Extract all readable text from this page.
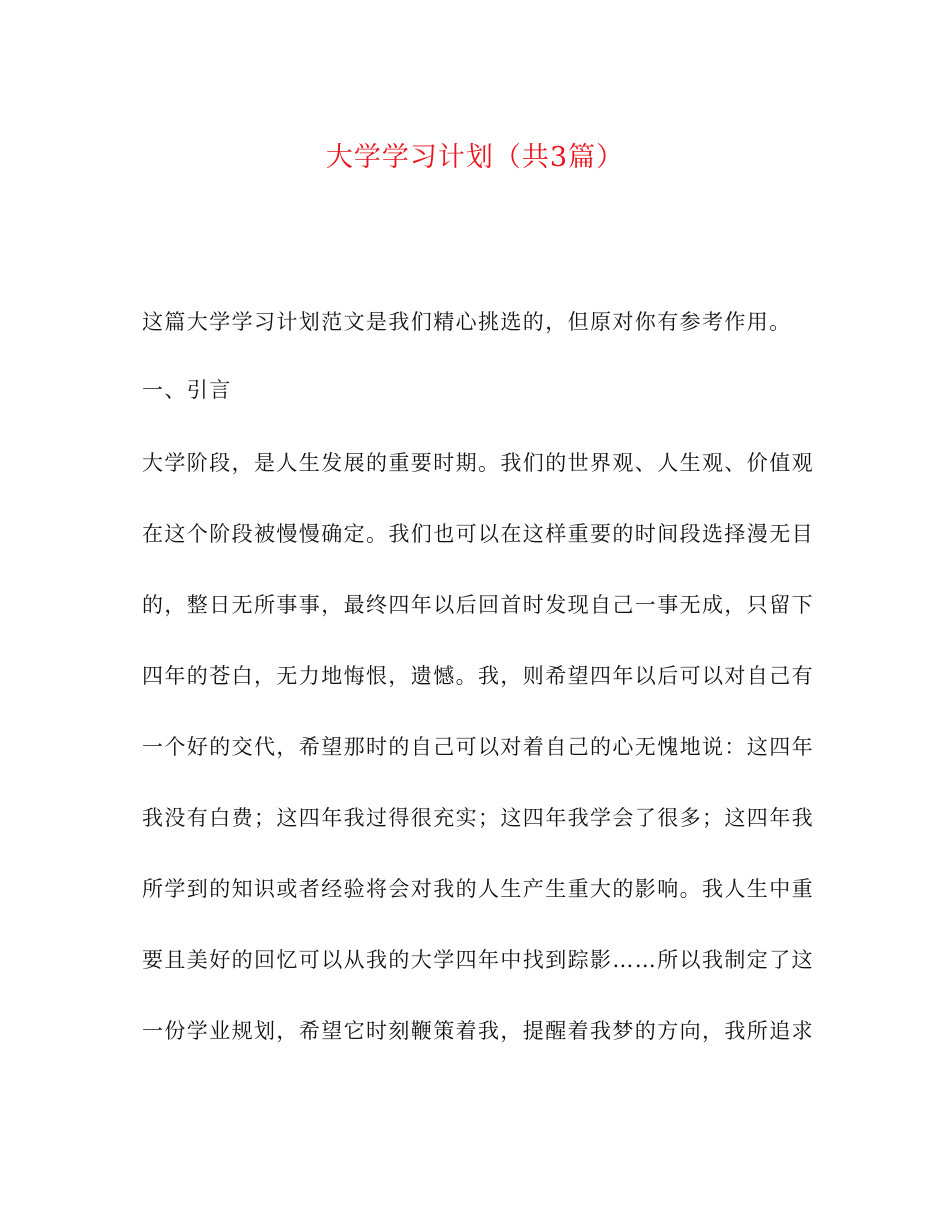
大学学习计划（共3篇）

这篇大学学习计划范文是我们精心挑选的，但原对你有参考作用。

一、引言

大学阶段，是人生发展的重要时期。我们的世界观、人生观、价值观

在这个阶段被慢慢确定。我们也可以在这样重要的时间段选择漫无目

的，整日无所事事，最终四年以后回首时发现自己一事无成，只留下

四年的苍白，无力地悔恨，遗憾。我，则希望四年以后可以对自己有

一个好的交代，希望那时的自己可以对着自己的心无愧地说：这四年

我没有白费；这四年我过得很充实；这四年我学会了很多；这四年我

所学到的知识或者经验将会对我的人生产生重大的影响。我人生中重

要且美好的回忆可以从我的大学四年中找到踪影……所以我制定了这

一份学业规划，希望它时刻鞭策着我，提醒着我梦的方向，我所追求
